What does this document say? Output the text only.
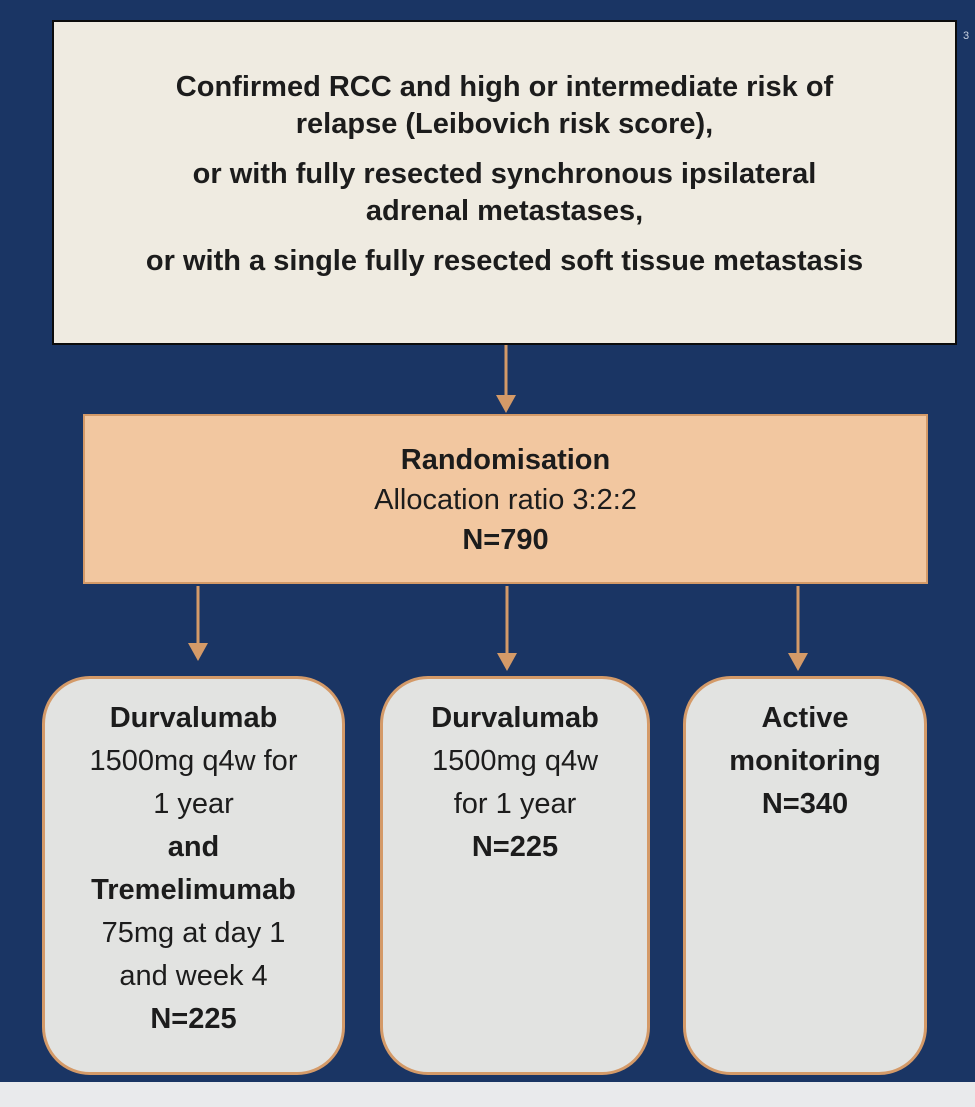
3

Confirmed RCC and high or intermediate risk of relapse (Leibovich risk score),

or with fully resected synchronous ipsilateral adrenal metastases,

or with a single fully resected soft tissue metastasis

Randomisation
Allocation ratio 3:2:2
N=790
Durvalumab
1500mg q4w for
1 year
and
Tremelimumab
75mg at day 1
and week 4
N=225
Durvalumab
1500mg q4w
for 1 year
N=225
Active
monitoring
N=340
